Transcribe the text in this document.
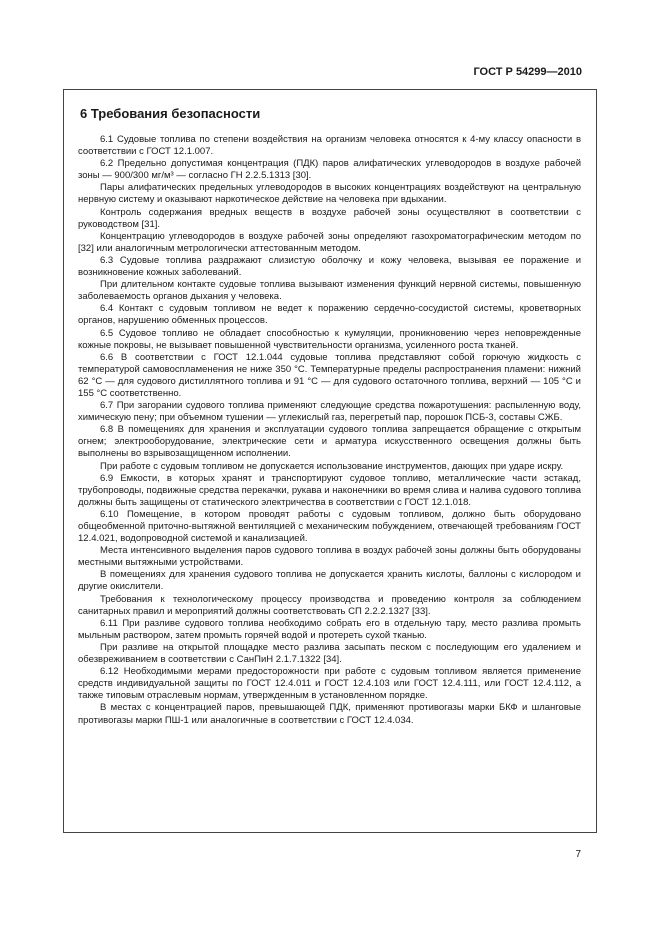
ГОСТ Р 54299—2010
6 Требования безопасности

6.1 Судовые топлива по степени воздействия на организм человека относятся к 4-му классу опасности в соответствии с ГОСТ 12.1.007.

6.2 Предельно допустимая концентрация (ПДК) паров алифатических углеводородов в воздухе рабочей зоны — 900/300 мг/м³ — согласно ГН 2.2.5.1313 [30].

Пары алифатических предельных углеводородов в высоких концентрациях воздействуют на центральную нервную систему и оказывают наркотическое действие на человека при вдыхании.

Контроль содержания вредных веществ в воздухе рабочей зоны осуществляют в соответствии с руководством [31].

Концентрацию углеводородов в воздухе рабочей зоны определяют газохроматографическим методом по [32] или аналогичным метрологически аттестованным методом.

6.3 Судовые топлива раздражают слизистую оболочку и кожу человека, вызывая ее поражение и возникновение кожных заболеваний.

При длительном контакте судовые топлива вызывают изменения функций нервной системы, повышенную заболеваемость органов дыхания у человека.

6.4 Контакт с судовым топливом не ведет к поражению сердечно-сосудистой системы, кроветворных органов, нарушению обменных процессов.

6.5 Судовое топливо не обладает способностью к кумуляции, проникновению через неповрежденные кожные покровы, не вызывает повышенной чувствительности организма, усиленного роста тканей.

6.6 В соответствии с ГОСТ 12.1.044 судовые топлива представляют собой горючую жидкость с температурой самовоспламенения не ниже 350 °С. Температурные пределы распространения пламени: нижний 62 °С — для судового дистиллятного топлива и 91 °С — для судового остаточного топлива, верхний — 105 °С и 155 °С соответственно.

6.7 При загорании судового топлива применяют следующие средства пожаротушения: распыленную воду, химическую пену; при объемном тушении — углекислый газ, перегретый пар, порошок ПСБ-3, составы СЖБ.

6.8 В помещениях для хранения и эксплуатации судового топлива запрещается обращение с открытым огнем; электрооборудование, электрические сети и арматура искусственного освещения должны быть выполнены во взрывозащищенном исполнении.

При работе с судовым топливом не допускается использование инструментов, дающих при ударе искру.

6.9 Емкости, в которых хранят и транспортируют судовое топливо, металлические части эстакад, трубопроводы, подвижные средства перекачки, рукава и наконечники во время слива и налива судового топлива должны быть защищены от статического электричества в соответствии с ГОСТ 12.1.018.

6.10 Помещение, в котором проводят работы с судовым топливом, должно быть оборудовано общеобменной приточно-вытяжной вентиляцией с механическим побуждением, отвечающей требованиям ГОСТ 12.4.021, водопроводной системой и канализацией.

Места интенсивного выделения паров судового топлива в воздух рабочей зоны должны быть оборудованы местными вытяжными устройствами.

В помещениях для хранения судового топлива не допускается хранить кислоты, баллоны с кислородом и другие окислители.

Требования к технологическому процессу производства и проведению контроля за соблюдением санитарных правил и мероприятий должны соответствовать СП 2.2.2.1327 [33].

6.11 При разливе судового топлива необходимо собрать его в отдельную тару, место разлива промыть мыльным раствором, затем промыть горячей водой и протереть сухой тканью.

При разливе на открытой площадке место разлива засыпать песком с последующим его удалением и обезвреживанием в соответствии с СанПиН 2.1.7.1322 [34].

6.12 Необходимыми мерами предосторожности при работе с судовым топливом является применение средств индивидуальной защиты по ГОСТ 12.4.011 и ГОСТ 12.4.103 или ГОСТ 12.4.111, или ГОСТ 12.4.112, а также типовым отраслевым нормам, утвержденным в установленном порядке.

В местах с концентрацией паров, превышающей ПДК, применяют противогазы марки БКФ и шланговые противогазы марки ПШ-1 или аналогичные в соответствии с ГОСТ 12.4.034.

7
